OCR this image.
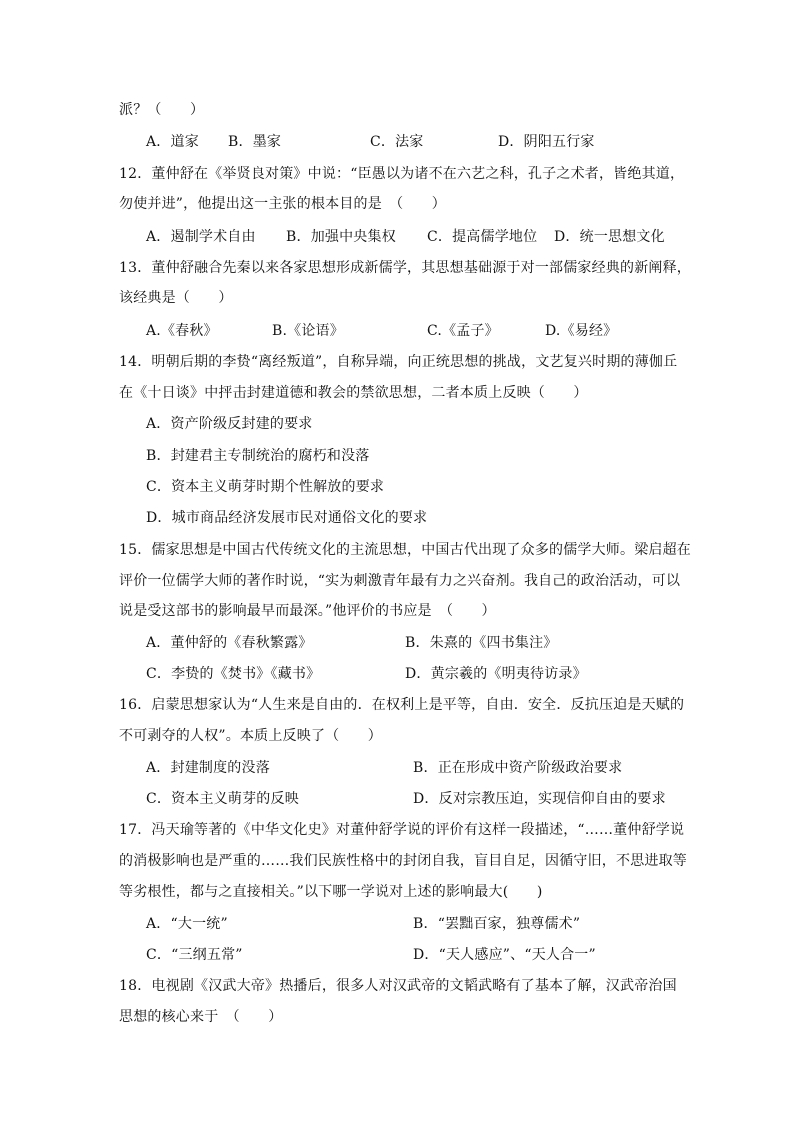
派？（　　）
A．道家 B．墨家	C．法家	D．阴阳五行家
12．董仲舒在《举贤良对策》中说：“臣愚以为诸不在六艺之科，孔子之术者，皆绝其道，
勿使并进”，他提出这一主张的根本目的是　（　　）
A．遏制学术自由 B．加强中央集权 C．提高儒学地位 D．统一思想文化
13．董仲舒融合先秦以来各家思想形成新儒学，其思想基础源于对一部儒家经典的新阐释，
该经典是（　　）
A.《春秋》	B.《论语》	C.《孟子》	D.《易经》
14．明朝后期的李贽“离经叛道”，自称异端，向正统思想的挑战，文艺复兴时期的薄伽丘
在《十日谈》中抨击封建道德和教会的禁欲思想，二者本质上反映（　　）
A．资产阶级反封建的要求
B．封建君主专制统治的腐朽和没落
C．资本主义萌芽时期个性解放的要求
D．城市商品经济发展市民对通俗文化的要求
15．儒家思想是中国古代传统文化的主流思想，中国古代出现了众多的儒学大师。梁启超在
评价一位儒学大师的著作时说，“实为刺激青年最有力之兴奋剂。我自己的政治活动，可以
说是受这部书的影响最早而最深。”他评价的书应是　（　　）
A．董仲舒的《春秋繁露》	B．朱熹的《四书集注》
C．李贽的《焚书》《藏书》	D．黄宗羲的《明夷待访录》
16．启蒙思想家认为“人生来是自由的．在权利上是平等，自由．安全．反抗压迫是天赋的
不可剥夺的人权”。本质上反映了（　　）
A．封建制度的没落	B．正在形成中资产阶级政治要求
C．资本主义萌芽的反映	D．反对宗教压迫，实现信仰自由的要求
17．冯天瑜等著的《中华文化史》对董仲舒学说的评价有这样一段描述，“……董仲舒学说
的消极影响也是严重的……我们民族性格中的封闭自我，盲目自足，因循守旧，不思进取等
等劣根性，都与之直接相关。”以下哪一学说对上述的影响最大(　　)
A．“大一统”	B．“罢黜百家，独尊儒术”
C．“三纲五常”	D．“天人感应”、“天人合一”
18．电视剧《汉武大帝》热播后，很多人对汉武帝的文韬武略有了基本了解，汉武帝治国
思想的核心来于　（　　）
